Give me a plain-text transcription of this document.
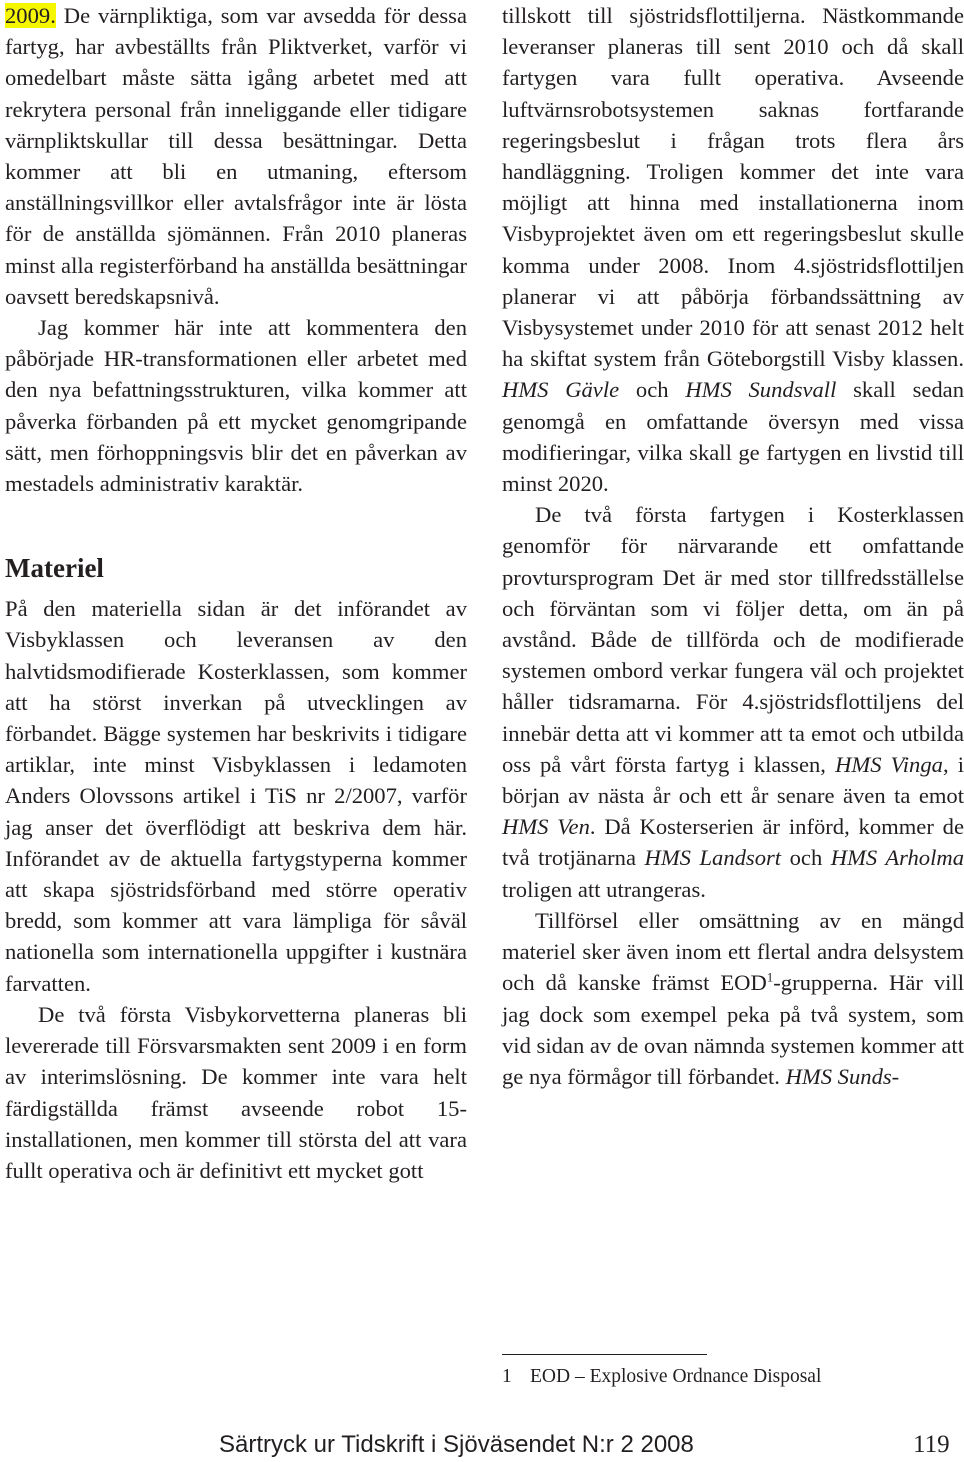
2009. De värnpliktiga, som var avsedda för dessa fartyg, har avbeställts från Pliktverket, varför vi omedelbart måste sätta igång arbetet med att rekrytera personal från inneliggande eller tidigare värnpliktskullar till dessa besättningar. Detta kommer att bli en utmaning, eftersom anställningsvillkor eller avtalsfrågor inte är lösta för de anställda sjömännen. Från 2010 planeras minst alla registerförband ha anställda besättningar oavsett beredskapsnivå.

Jag kommer här inte att kommentera den påbörjade HR-transformationen eller arbetet med den nya befattningsstrukturen, vilka kommer att påverka förbanden på ett mycket genomgripande sätt, men förhoppningsvis blir det en påverkan av mestadels administrativ karaktär.

Materiel

På den materiella sidan är det införandet av Visbyklassen och leveransen av den halvtidsmodifierade Kosterklassen, som kommer att ha störst inverkan på utvecklingen av förbandet. Bägge systemen har beskrivits i tidigare artiklar, inte minst Visbyklassen i ledamoten Anders Olovssons artikel i TiS nr 2/2007, varför jag anser det överflödigt att beskriva dem här. Införandet av de aktuella fartygstyperna kommer att skapa sjöstridsförband med större operativ bredd, som kommer att vara lämpliga för såväl nationella som internationella uppgifter i kustnära farvatten.

De två första Visbykorvetterna planeras bli levererade till Försvarsmakten sent 2009 i en form av interimslösning. De kommer inte vara helt färdigställda främst avseende robot 15-installationen, men kommer till största del att vara fullt operativa och är definitivt ett mycket gott

tillskott till sjöstridsflottiljerna. Nästkommande leveranser planeras till sent 2010 och då skall fartygen vara fullt operativa. Avseende luftvärnsrobotsystemen saknas fortfarande regeringsbeslut i frågan trots flera års handläggning. Troligen kommer det inte vara möjligt att hinna med installationerna inom Visbyprojektet även om ett regeringsbeslut skulle komma under 2008. Inom 4.sjöstridsflottiljen planerar vi att påbörja förbandssättning av Visbysystemet under 2010 för att senast 2012 helt ha skiftat system från Göteborgstill Visby klassen. HMS Gävle och HMS Sundsvall skall sedan genomgå en omfattande översyn med vissa modifieringar, vilka skall ge fartygen en livstid till minst 2020.

De två första fartygen i Kosterklassen genomför för närvarande ett omfattande provtursprogram Det är med stor tillfredsställelse och förväntan som vi följer detta, om än på avstånd. Både de tillförda och de modifierade systemen ombord verkar fungera väl och projektet håller tidsramarna. För 4.sjöstridsflottiljens del innebär detta att vi kommer att ta emot och utbilda oss på vårt första fartyg i klassen, HMS Vinga, i början av nästa år och ett år senare även ta emot HMS Ven. Då Kosterserien är införd, kommer de två trotjänarna HMS Landsort och HMS Arholma troligen att utrangeras.

Tillförsel eller omsättning av en mängd materiel sker även inom ett flertal andra delsystem och då kanske främst EOD$^1$-grupperna. Här vill jag dock som exempel peka på två system, som vid sidan av de ovan nämnda systemen kommer att ge nya förmågor till förbandet. HMS Sunds-

1 EOD – Explosive Ordnance Disposal
Särtryck ur Tidskrift i Sjöväsendet N:r 2 2008	119
